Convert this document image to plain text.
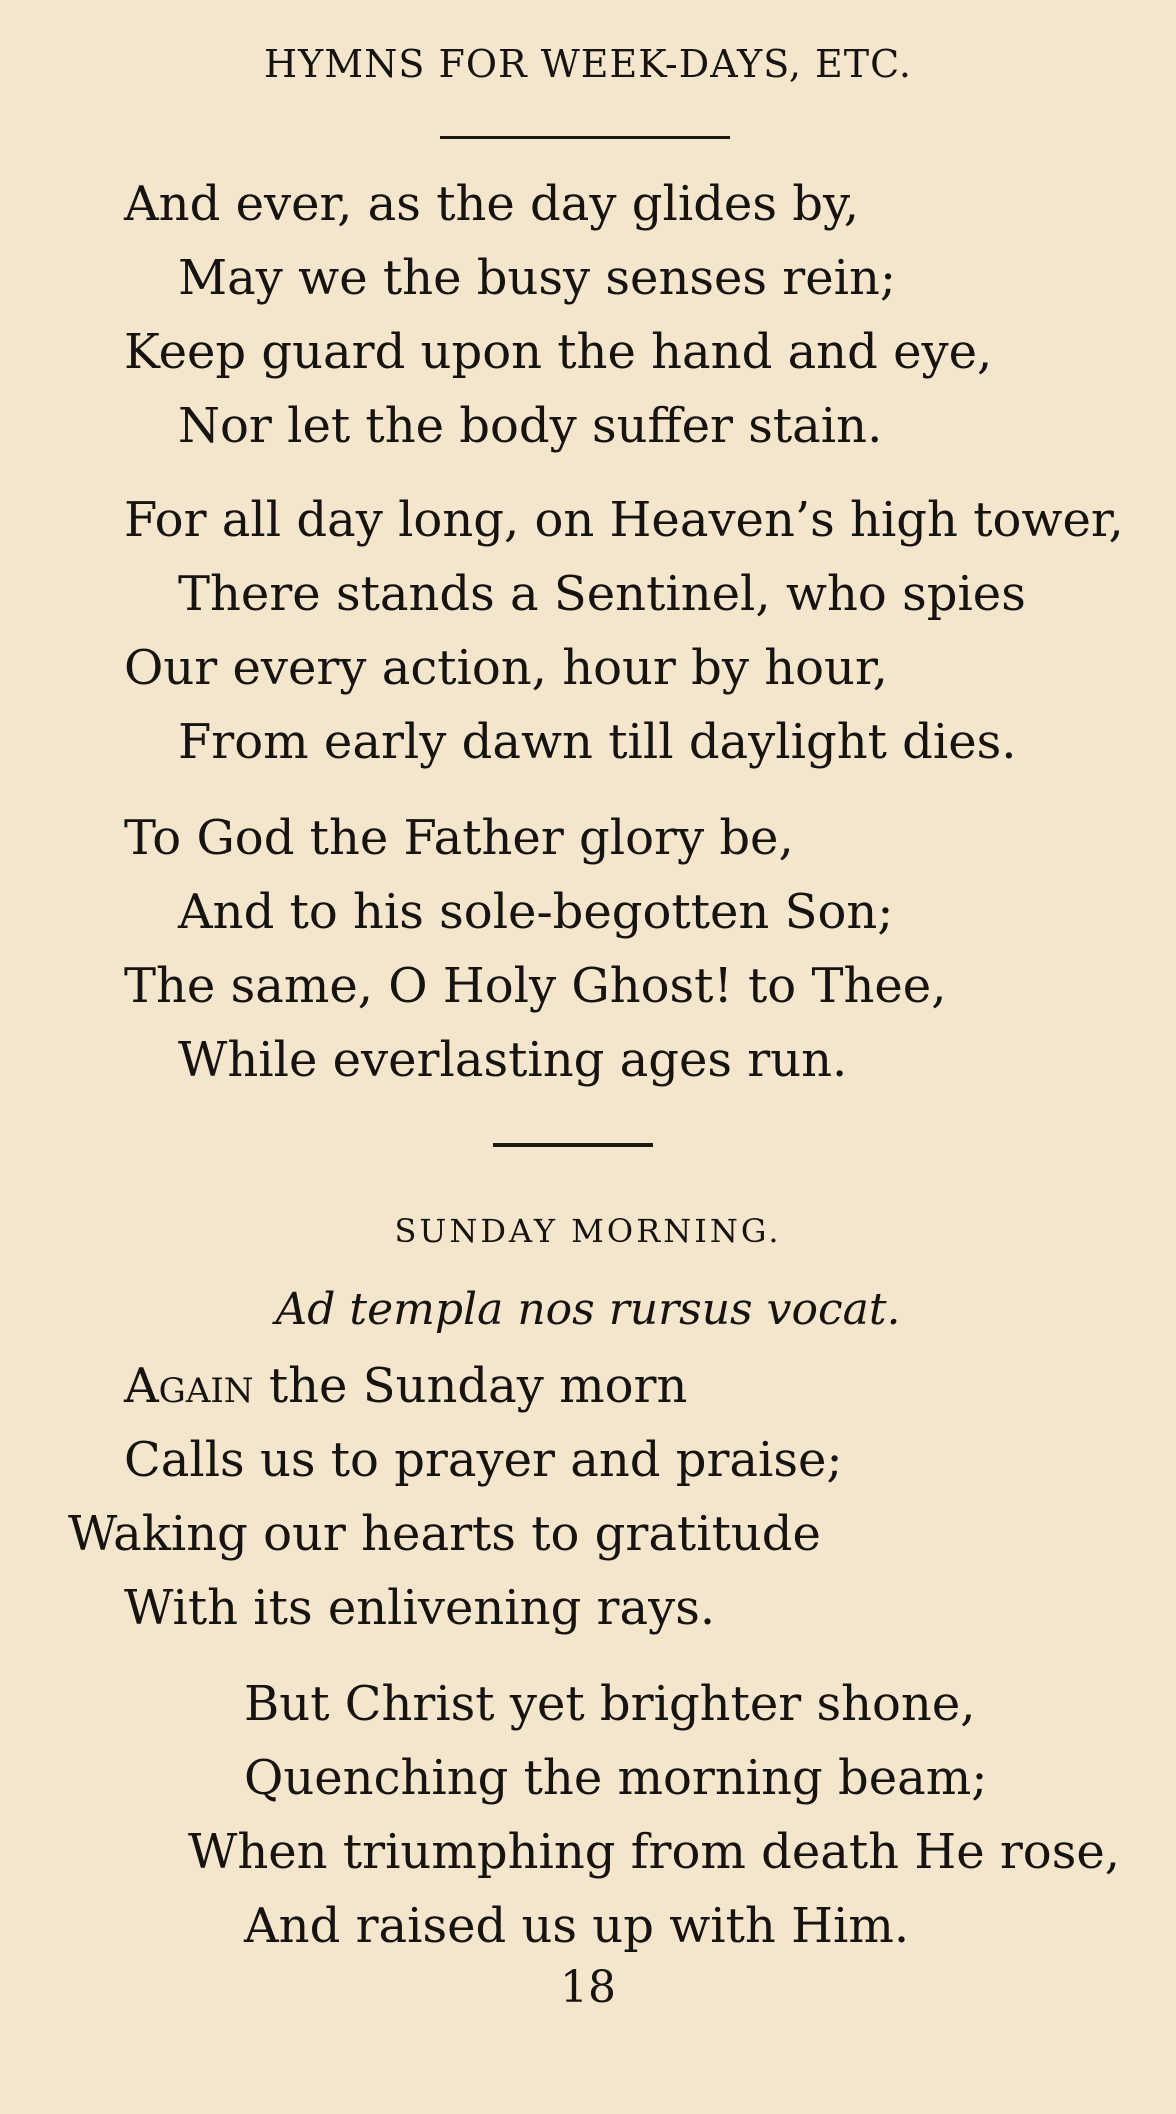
HYMNS FOR WEEK-DAYS, ETC.
And ever, as the day glides by,
May we the busy senses rein;
Keep guard upon the hand and eye,
Nor let the body suffer stain.
For all day long, on Heaven’s high tower,
There stands a Sentinel, who spies
Our every action, hour by hour,
From early dawn till daylight dies.
To God the Father glory be,
And to his sole-begotten Son;
The same, O Holy Ghost! to Thee,
While everlasting ages run.
SUNDAY MORNING.
Ad templa nos rursus vocat.
Again the Sunday morn
Calls us to prayer and praise;
Waking our hearts to gratitude
With its enlivening rays.
But Christ yet brighter shone,
Quenching the morning beam;
When triumphing from death He rose,
And raised us up with Him.
18
